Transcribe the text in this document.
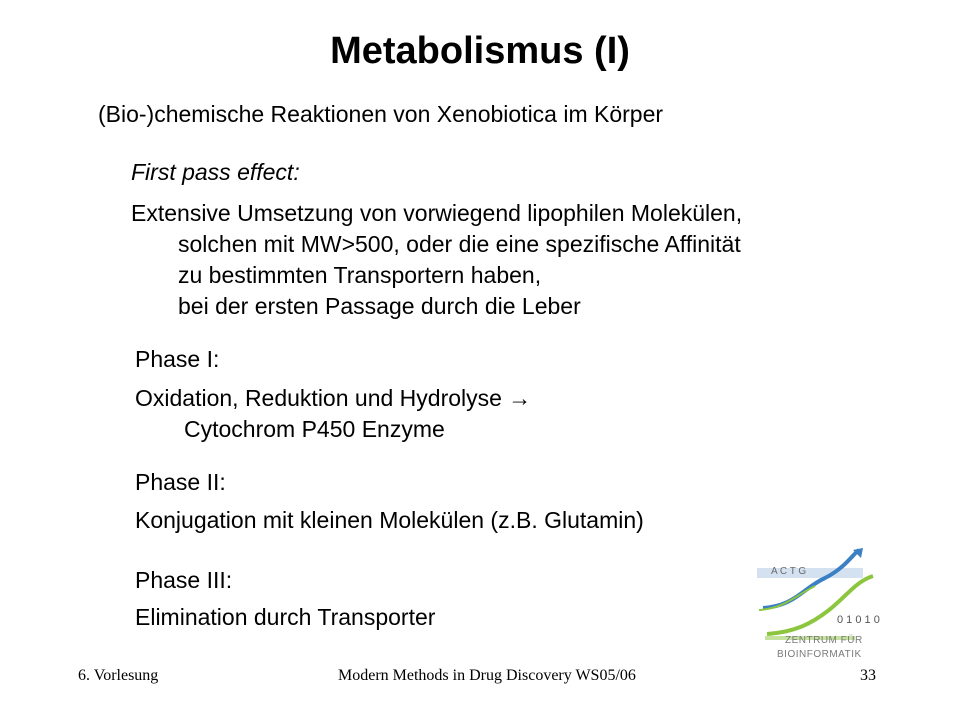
Metabolismus (I)
(Bio-)chemische Reaktionen von Xenobiotica im Körper
First pass effect:
Extensive Umsetzung von vorwiegend lipophilen Molekülen,
solchen mit MW>500, oder die eine spezifische Affinität
zu bestimmten Transportern haben,
bei der ersten Passage durch die Leber
Phase I:
Oxidation, Reduktion und Hydrolyse →
Cytochrom P450 Enzyme
Phase II:
Konjugation mit kleinen Molekülen (z.B. Glutamin)
Phase III:
Elimination durch Transporter
A C T G
0 1 0 1 0
ZENTRUM FÜR
BIOINFORMATIK
6. Vorlesung	Modern Methods in Drug Discovery WS05/06	33
